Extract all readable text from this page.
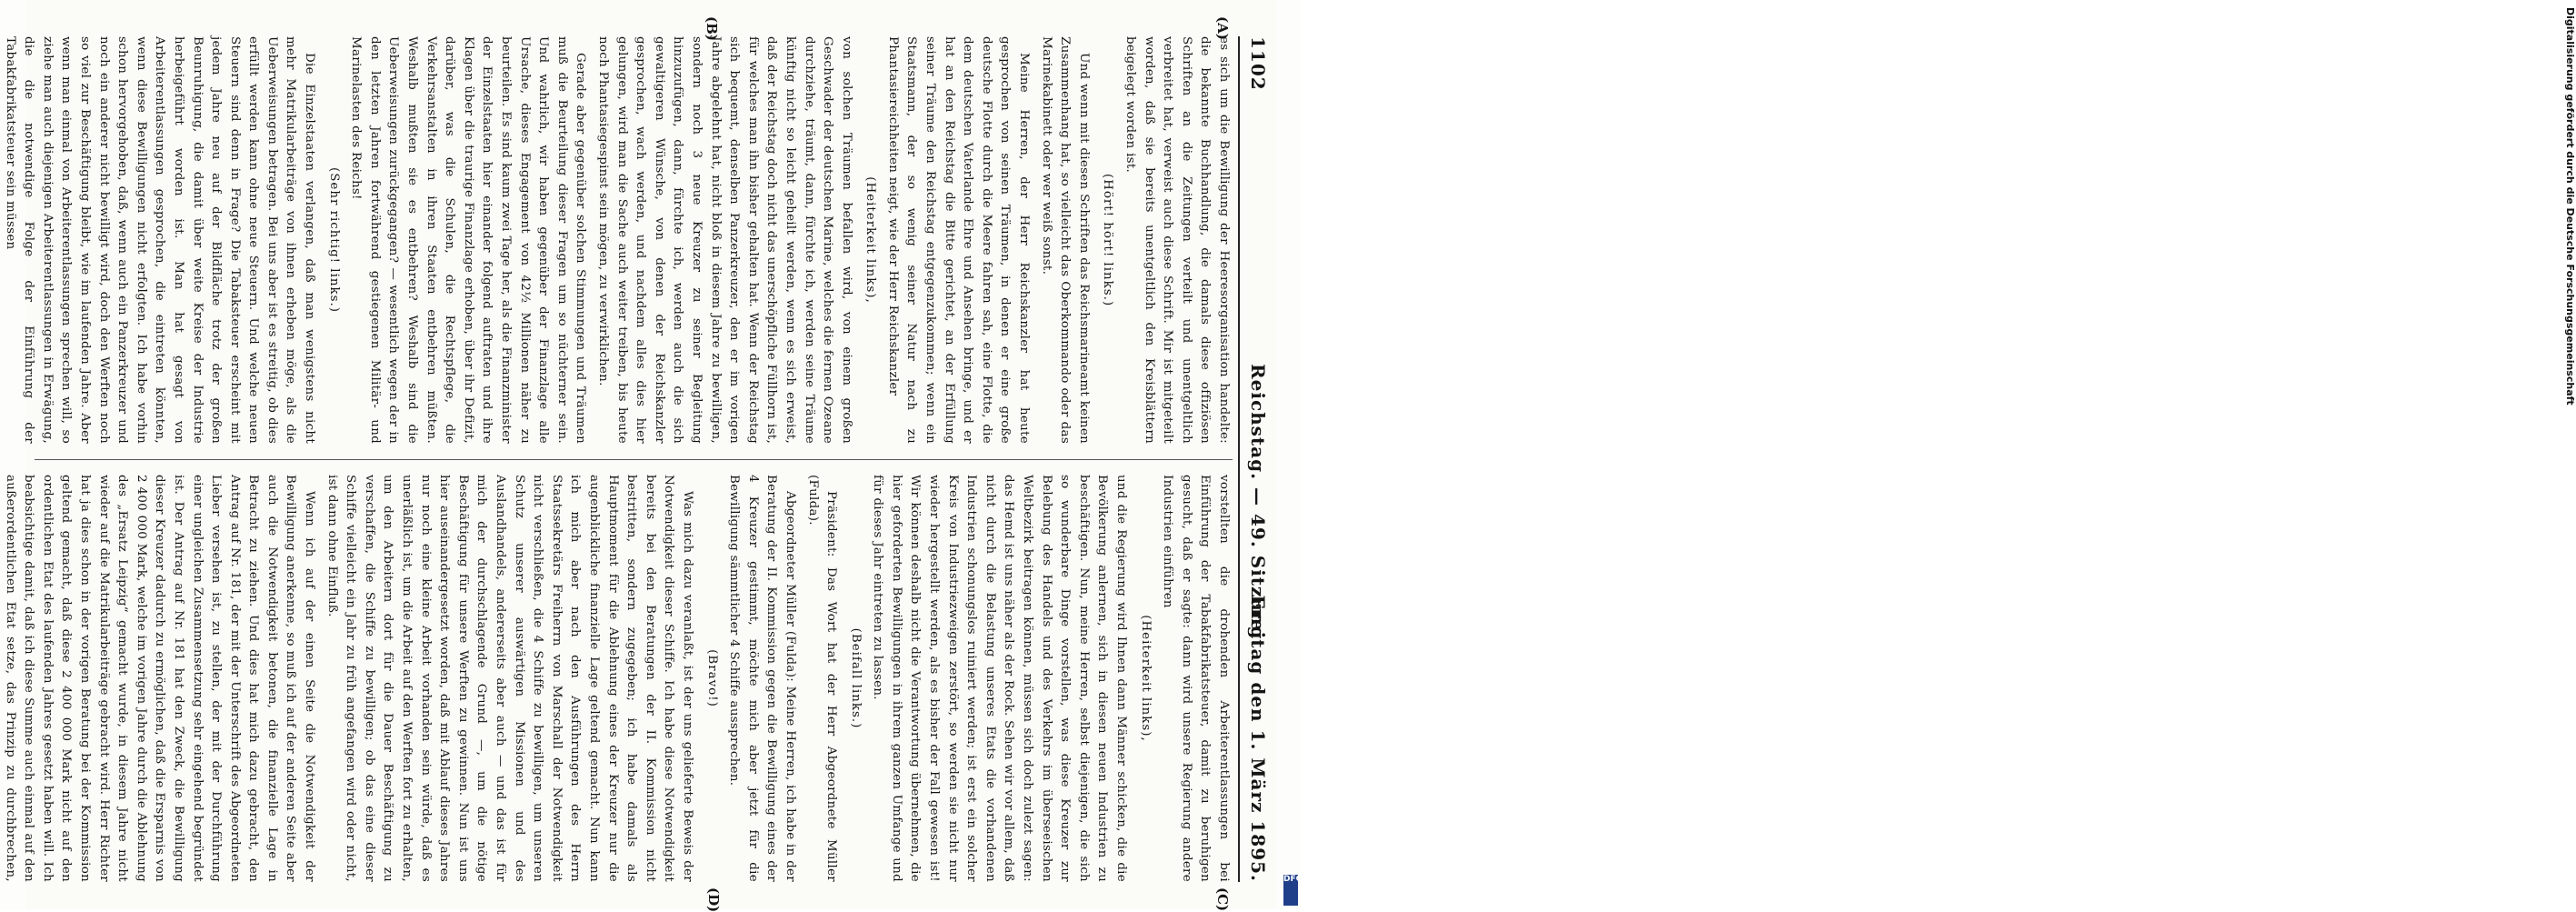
1102
Reichstag. — 49. Sitzung.
Freitag den 1. März 1895.
(A)
(B)
(C)
(D)

es sich um die Bewilligung der Heeresorganisation handelte: die bekannte Buchhandlung, die damals diese offiziösen Schriften an die Zeitungen verteilt und unentgeltlich verbreitet hat, verweist auch diese Schrift. Mir ist mitgeteilt worden, daß sie bereits unentgeltlich den Kreisblättern beigelegt worden ist.

(Hört! hört! links.)

Und wenn mit diesen Schriften das Reichsmarineamt keinen Zusammenhang hat, so vielleicht das Oberkommando oder das Marinekabinett oder wer weiß sonst.

Meine Herren, der Herr Reichskanzler hat heute gesprochen von seinen Träumen, in denen er eine große deutsche Flotte durch die Meere fahren sah, eine Flotte, die dem deutschen Vaterlande Ehre und Ansehen bringe, und er hat an den Reichstag die Bitte gerichtet, an der Erfüllung seiner Träume den Reichstag entgegenzukommen; wenn ein Staatsmann, der so wenig seiner Natur nach zu Phantasiereichheiten neigt, wie der Herr Reichskanzler

(Heiterkeit links),

von solchen Träumen befallen wird, von einem großen Geschwader der deutschen Marine, welches die fernen Ozeane durchziehe, träumt, dann, fürchte ich, werden seine Träume künftig nicht so leicht geheilt werden, wenn es sich erweist, daß der Reichstag doch nicht das unerschöpfliche Füllhorn ist, für welches man ihn bisher gehalten hat. Wenn der Reichstag sich bequemt, denselben Panzerkreuzer, den er im vorigen Jahre abgelehnt hat, nicht bloß in diesem Jahre zu bewilligen, sondern noch 3 neue Kreuzer zu seiner Begleitung hinzuzufügen, dann, fürchte ich, werden auch die sich gewaltigeren Wünsche, von denen der Reichskanzler gesprochen, wach werden, und nachdem alles dies hier gelungen, wird man die Sache auch weiter treiben, bis heute noch Phantasiegespinst sein mögen, zu verwirklichen.

Gerade aber gegenüber solchen Stimmungen und Träumen muß die Beurteilung dieser Fragen um so nüchterner sein. Und wahrlich, wir haben gegenüber der Finanzlage alle Ursache, dieses Engagement von 42½ Millionen näher zu beurteilen. Es sind kaum zwei Tage her, als die Finanzminister der Einzelstaaten hier einander folgend auftraten und ihre Klagen über die traurige Finanzlage erhoben, über ihr Defizit, darüber, was die Schulen, die Rechtspflege, die Verkehrsanstalten in ihren Staaten entbehren müßten. Weshalb mußten sie es entbehren? Weshalb sind die Ueberweisungen zurückgegangen? — wesentlich wegen der in den letzten Jahren fortwährend gestiegenen Militär- und Marinelasten des Reichs!

(Sehr richtig! links.)

Die Einzelstaaten verlangen, daß man wenigstens nicht mehr Matrikularbeiträge von ihnen erheben möge, als die Ueberweisungen betragen. Bei uns aber ist es streitig, ob dies erfüllt werden kann ohne neue Steuern. Und welche neuen Steuern sind denn in Frage? Die Tabaksteuer erscheint mit jedem Jahre neu auf der Bildfläche trotz der großen Beunruhigung, die damit über weite Kreise der Industrie herbeigeführt worden ist. Man hat gesagt von Arbeiterentlassungen gesprochen, die eintreten könnten, wenn diese Bewilligungen nicht erfolgten. Ich habe vorhin schon hervorgehoben, daß, wenn auch ein Panzerkreuzer und noch ein anderer nicht bewilligt wird, doch den Werften noch so viel zur Beschäftigung bleibt, wie im laufenden Jahre. Aber wenn man einmal von Arbeiterentlassungen sprechen will, so ziehe man auch diejenigen Arbeiterentlassungen in Erwägung, die die notwendige Folge der Einführung der Tabakfabrikatsteuer sein müssen

vorstellten die drohenden Arbeiterentlassungen bei Einführung der Tabakfabrikatsteuer, damit zu beruhigen gesucht, daß er sagte: dann wird unsere Regierung andere Industrien einführen

(Heiterkeit links),

und die Regierung wird Ihnen dann Männer schicken, die die Bevölkerung anlernen, sich in diesen neuen Industrien zu beschäftigen. Nun, meine Herren, selbst diejenigen, die sich so wunderbare Dinge vorstellen, was diese Kreuzer zur Belebung des Handels und des Verkehrs im überseeischen Weltbezirk beitragen können, müssen sich doch zulezt sagen: das Hemd ist uns näher als der Rock. Sehen wir vor allem, daß nicht durch die Belastung unseres Etats die vorhandenen Industrien schonungslos ruiniert werden; ist erst ein solcher Kreis von Industriezweigen zerstört, so werden sie nicht nur wieder hergestellt werden, als es bisher der Fall gewesen ist! Wir können deshalb nicht die Verantwortung übernehmen, die hier geforderten Bewilligungen in ihrem ganzen Umfange und für dieses Jahr eintreten zu lassen.

(Beifall links.)

Präsident: Das Wort hat der Herr Abgeordnete Müller (Fulda).

Abgeordneter Müller (Fulda): Meine Herren, ich habe in der Beratung der II. Kommission gegen die Bewilligung eines der 4 Kreuzer gestimmt, möchte mich aber jetzt für die Bewilligung sämmtlicher 4 Schiffe aussprechen.

(Bravo!)

Was mich dazu veranlaßt, ist der uns gelieferte Beweis der Notwendigkeit dieser Schiffe. Ich habe diese Notwendigkeit bereits bei den Beratungen der II. Kommission nicht bestritten, sondern zugegeben; ich habe damals als Hauptmoment für die Ablehnung eines der Kreuzer nur die augenblickliche finanzielle Lage geltend gemacht. Nun kann ich mich aber nach den Ausführungen des Herrn Staatssekretärs Freiherrn von Marschall der Notwendigkeit nicht verschließen, die 4 Schiffe zu bewilligen, um unseren Schutz unserer auswärtigen Missionen und des Auslandhandels, andererseits aber auch — und das ist für mich der durchschlagende Grund —, um die nötige Beschäftigung für unsere Werften zu gewinnen. Nun ist uns hier auseinandergesetzt worden, daß mit Ablauf dieses Jahres nur noch eine kleine Arbeit vorhanden sein würde, daß es unerläßlich ist, um die Arbeit auf den Werften fort zu erhalten, um den Arbeitern dort für die Dauer Beschäftigung zu verschaffen, die Schiffe zu bewilligen; ob das eine dieser Schiffe vielleicht ein Jahr zu früh angefangen wird oder nicht, ist dann ohne Einfluß.

Wenn ich auf der einen Seite die Notwendigkeit der Bewilligung anerkenne, so muß ich auf der anderen Seite aber auch die Notwendigkeit betonen, die finanzielle Lage in Betracht zu ziehen. Und dies hat mich dazu gebracht, den Antrag auf Nr. 181, der mit der Unterschrift des Abgeordneten Lieber versehen ist, zu stellen, der mit der Durchführung einer ungleichen Zusammensetzung sehr eingehend begründet ist. Der Antrag auf Nr. 181 hat den Zweck, die Bewilligung dieser Kreuzer dadurch zu ermöglichen, daß die Ersparnis von 2 400 000 Mark, welche im vorigen Jahre durch die Ablehnung des „Ersatz Leipzig“ gemacht wurde, in diesem Jahre nicht wieder auf die Matrikularbeiträge gebracht wird. Herr Richter hat ja dies schon in der vorigen Beratung bei der Kommission geltend gemacht, daß diese 2 400 000 Mark nicht auf den ordentlichen Etat des laufenden Jahres gesetzt haben will. Ich beabsichtige damit, daß ich diese Summe auch einmal auf den außerordentlichen Etat setze, das Prinzip zu durchbrechen,

Digitalisierung gefördert durch die Deutsche Forschungsgemeinschaft
DFG
